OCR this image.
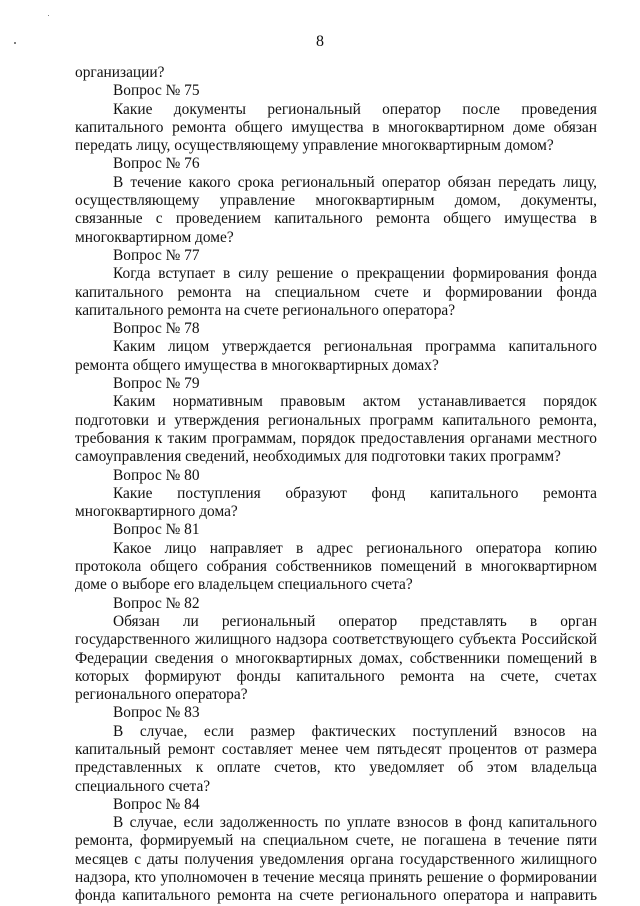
8

организации?

Вопрос № 75

Какие документы региональный оператор после проведения капитального ремонта общего имущества в многоквартирном доме обязан передать лицу, осуществляющему управление многоквартирным домом?

Вопрос № 76

В течение какого срока региональный оператор обязан передать лицу, осуществляющему управление многоквартирным домом, документы, связанные с проведением капитального ремонта общего имущества в многоквартирном доме?

Вопрос № 77

Когда вступает в силу решение о прекращении формирования фонда капитального ремонта на специальном счете и формировании фонда капитального ремонта на счете регионального оператора?

Вопрос № 78

Каким лицом утверждается региональная программа капитального ремонта общего имущества в многоквартирных домах?

Вопрос № 79

Каким нормативным правовым актом устанавливается порядок подготовки и утверждения региональных программ капитального ремонта, требования к таким программам, порядок предоставления органами местного самоуправления сведений, необходимых для подготовки таких программ?

Вопрос № 80

Какие поступления образуют фонд капитального ремонта многоквартирного дома?

Вопрос № 81

Какое лицо направляет в адрес регионального оператора копию протокола общего собрания собственников помещений в многоквартирном доме о выборе его владельцем специального счета?

Вопрос № 82

Обязан ли региональный оператор представлять в орган государственного жилищного надзора соответствующего субъекта Российской Федерации сведения о многоквартирных домах, собственники помещений в которых формируют фонды капитального ремонта на счете, счетах регионального оператора?

Вопрос № 83

В случае, если размер фактических поступлений взносов на капитальный ремонт составляет менее чем пятьдесят процентов от размера представленных к оплате счетов, кто уведомляет об этом владельца специального счета?

Вопрос № 84

В случае, если задолженность по уплате взносов в фонд капитального ремонта, формируемый на специальном счете, не погашена в течение пяти месяцев с даты получения уведомления органа государственного жилищного надзора, кто уполномочен в течение месяца принять решение о формировании фонда капитального ремонта на счете регионального оператора и направить
